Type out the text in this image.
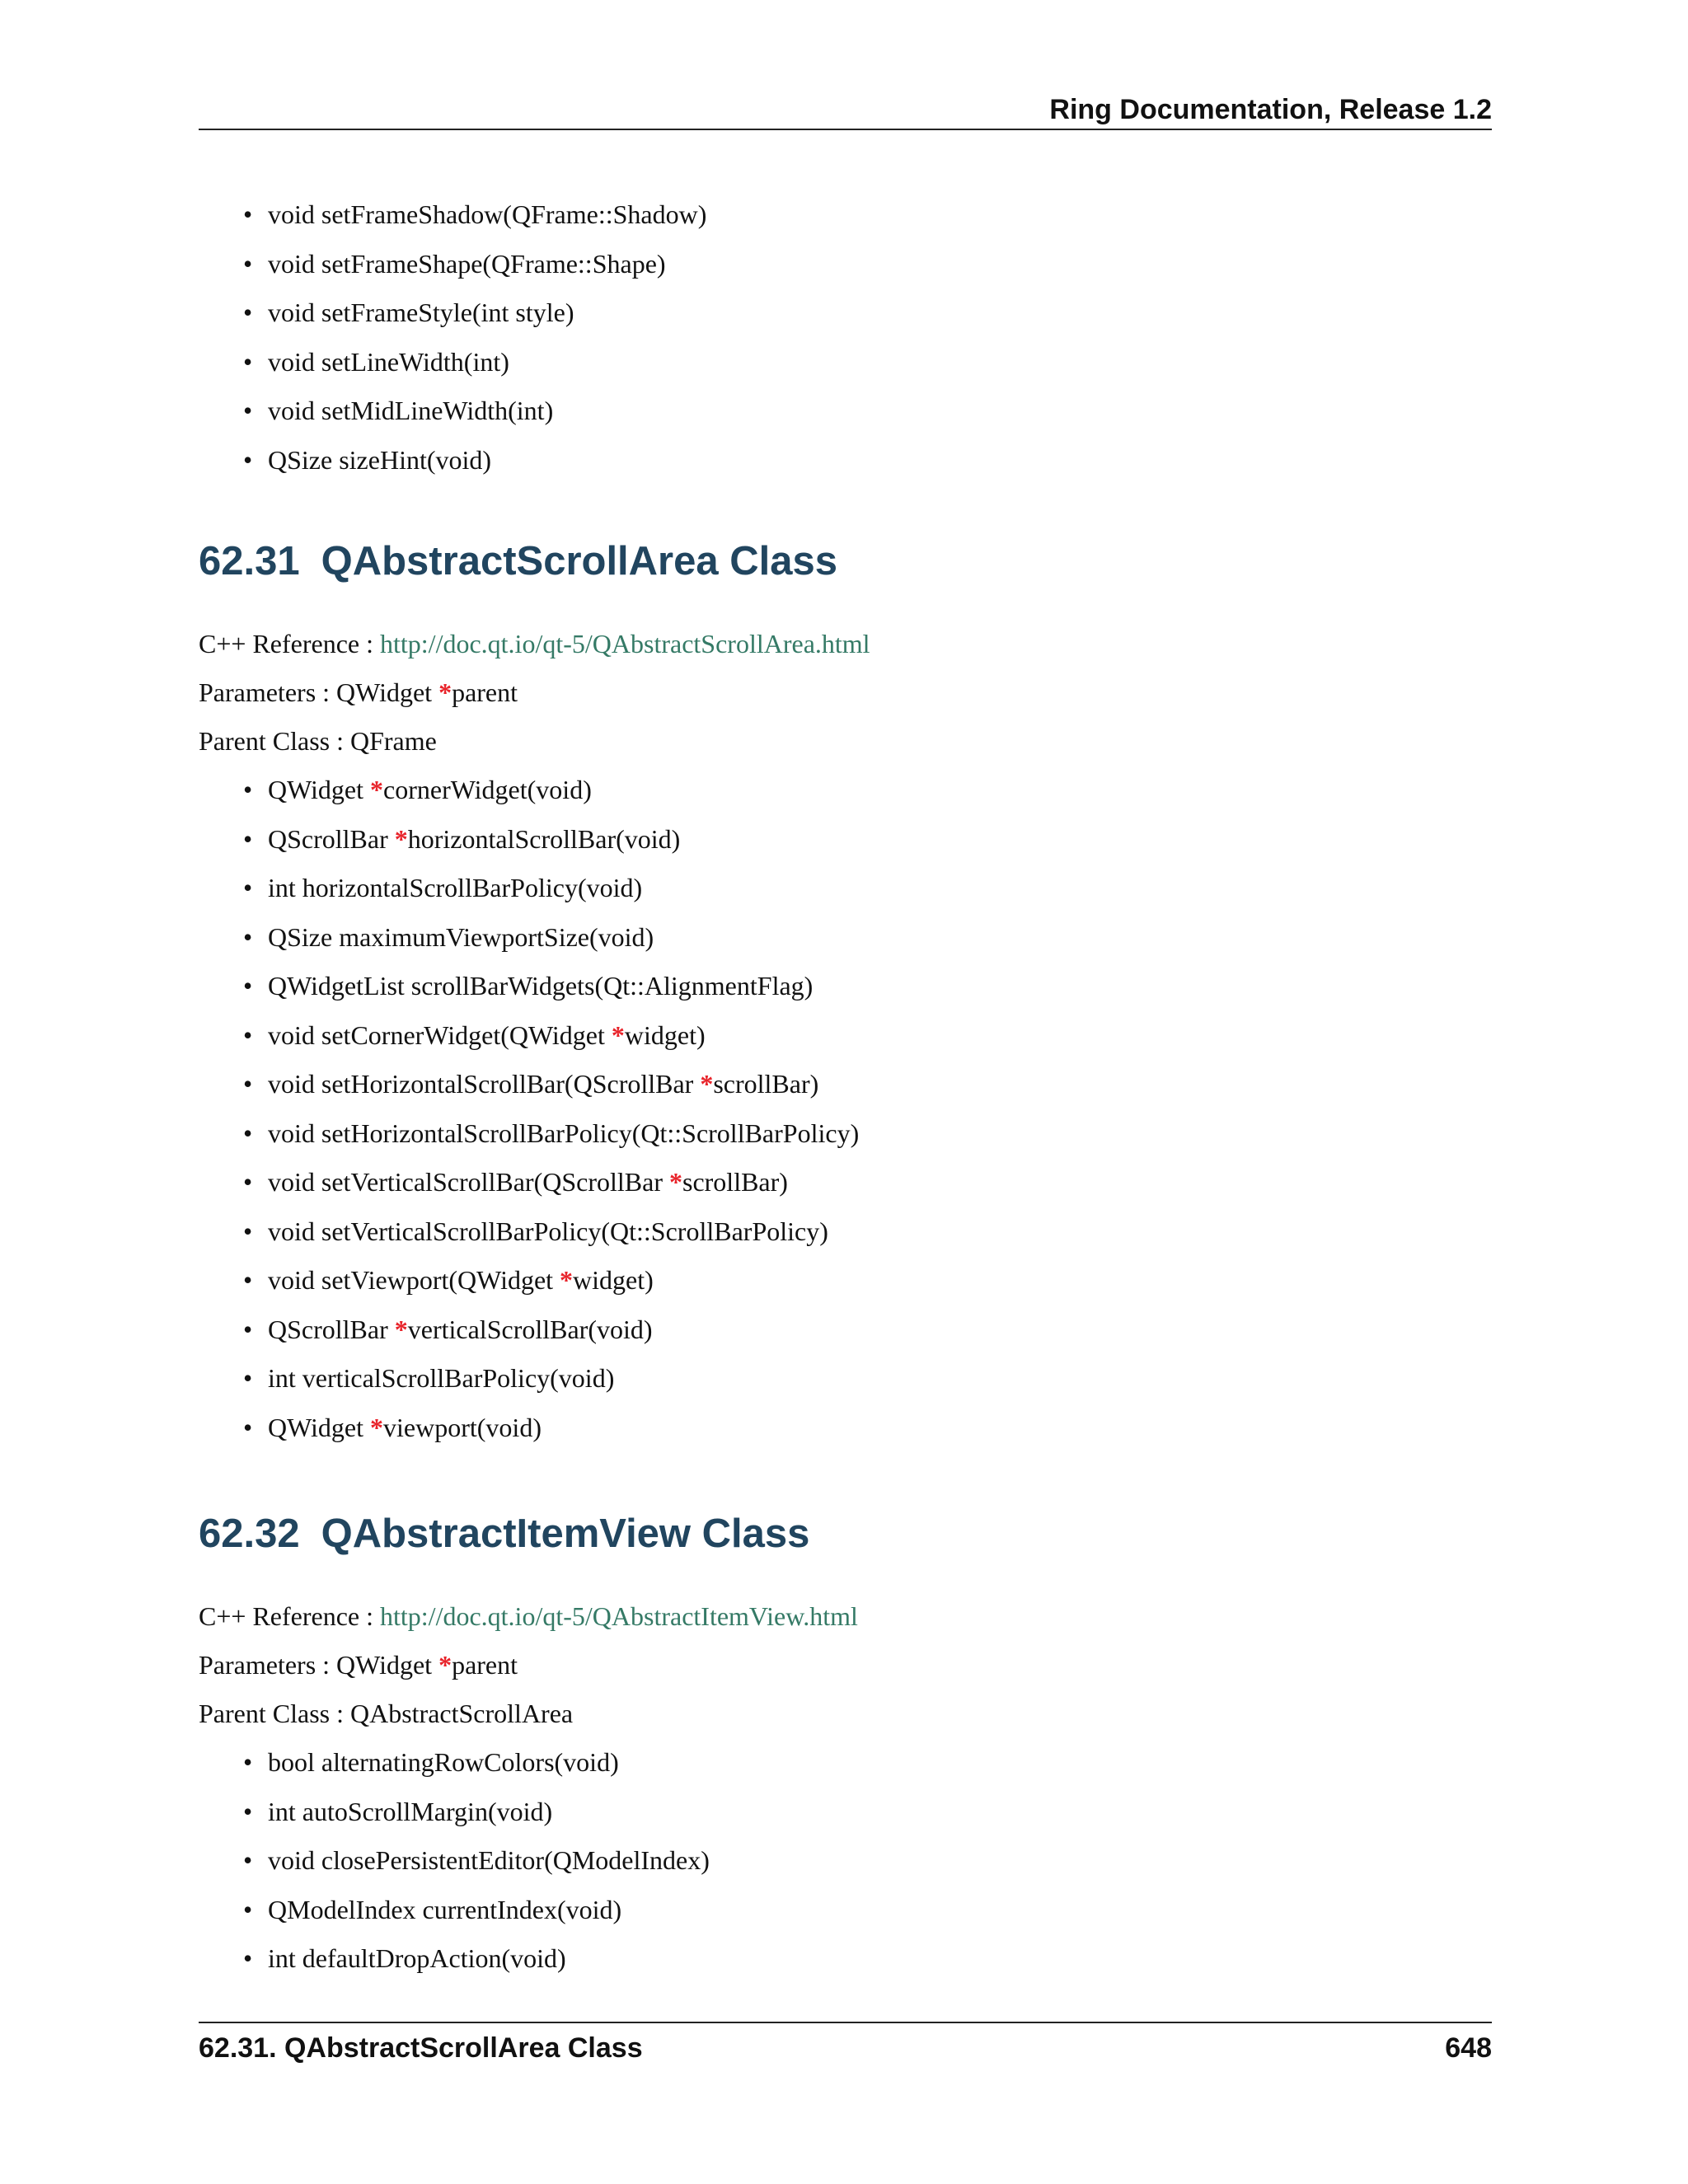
Ring Documentation, Release 1.2
• void setFrameShadow(QFrame::Shadow)
• void setFrameShape(QFrame::Shape)
• void setFrameStyle(int style)
• void setLineWidth(int)
• void setMidLineWidth(int)
• QSize sizeHint(void)
62.31 QAbstractScrollArea Class
C++ Reference : http://doc.qt.io/qt-5/QAbstractScrollArea.html
Parameters : QWidget *parent
Parent Class : QFrame
• QWidget *cornerWidget(void)
• QScrollBar *horizontalScrollBar(void)
• int horizontalScrollBarPolicy(void)
• QSize maximumViewportSize(void)
• QWidgetList scrollBarWidgets(Qt::AlignmentFlag)
• void setCornerWidget(QWidget *widget)
• void setHorizontalScrollBar(QScrollBar *scrollBar)
• void setHorizontalScrollBarPolicy(Qt::ScrollBarPolicy)
• void setVerticalScrollBar(QScrollBar *scrollBar)
• void setVerticalScrollBarPolicy(Qt::ScrollBarPolicy)
• void setViewport(QWidget *widget)
• QScrollBar *verticalScrollBar(void)
• int verticalScrollBarPolicy(void)
• QWidget *viewport(void)
62.32 QAbstractItemView Class
C++ Reference : http://doc.qt.io/qt-5/QAbstractItemView.html
Parameters : QWidget *parent
Parent Class : QAbstractScrollArea
• bool alternatingRowColors(void)
• int autoScrollMargin(void)
• void closePersistentEditor(QModelIndex)
• QModelIndex currentIndex(void)
• int defaultDropAction(void)
62.31. QAbstractScrollArea Class	648
